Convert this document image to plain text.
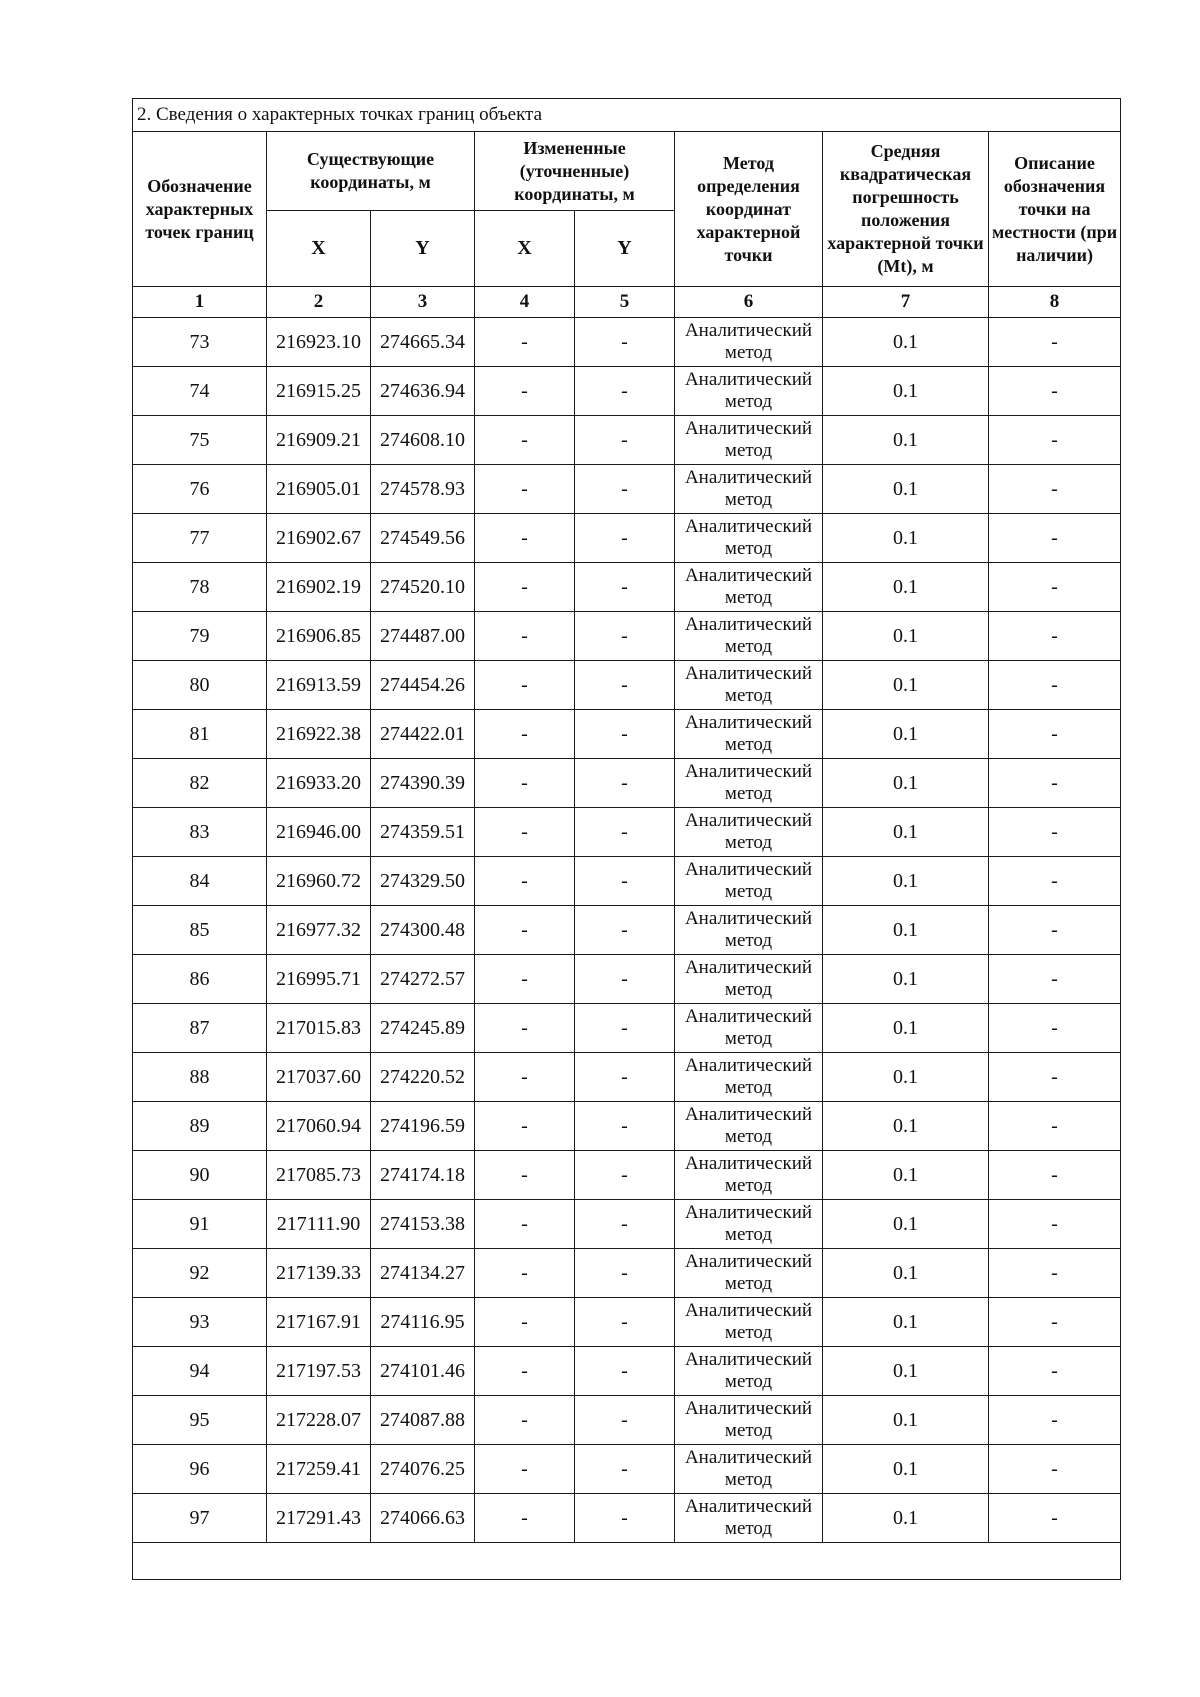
2. Сведения о характерных точках границ объекта							
Обозначение характерных точек границ	Существующие координаты, м		Измененные (уточненные) координаты, м		Метод определения координат характерной точки	Средняя квадратическая погрешность положения характерной точки (Mt), м	Описание обозначения точки на местности (при наличии)
	X	Y	X	Y			
1	2	3	4	5	6	7	8
73	216923.10	274665.34	-	-	Аналитический метод	0.1	-
74	216915.25	274636.94	-	-	Аналитический метод	0.1	-
75	216909.21	274608.10	-	-	Аналитический метод	0.1	-
76	216905.01	274578.93	-	-	Аналитический метод	0.1	-
77	216902.67	274549.56	-	-	Аналитический метод	0.1	-
78	216902.19	274520.10	-	-	Аналитический метод	0.1	-
79	216906.85	274487.00	-	-	Аналитический метод	0.1	-
80	216913.59	274454.26	-	-	Аналитический метод	0.1	-
81	216922.38	274422.01	-	-	Аналитический метод	0.1	-
82	216933.20	274390.39	-	-	Аналитический метод	0.1	-
83	216946.00	274359.51	-	-	Аналитический метод	0.1	-
84	216960.72	274329.50	-	-	Аналитический метод	0.1	-
85	216977.32	274300.48	-	-	Аналитический метод	0.1	-
86	216995.71	274272.57	-	-	Аналитический метод	0.1	-
87	217015.83	274245.89	-	-	Аналитический метод	0.1	-
88	217037.60	274220.52	-	-	Аналитический метод	0.1	-
89	217060.94	274196.59	-	-	Аналитический метод	0.1	-
90	217085.73	274174.18	-	-	Аналитический метод	0.1	-
91	217111.90	274153.38	-	-	Аналитический метод	0.1	-
92	217139.33	274134.27	-	-	Аналитический метод	0.1	-
93	217167.91	274116.95	-	-	Аналитический метод	0.1	-
94	217197.53	274101.46	-	-	Аналитический метод	0.1	-
95	217228.07	274087.88	-	-	Аналитический метод	0.1	-
96	217259.41	274076.25	-	-	Аналитический метод	0.1	-
97	217291.43	274066.63	-	-	Аналитический метод	0.1	-
